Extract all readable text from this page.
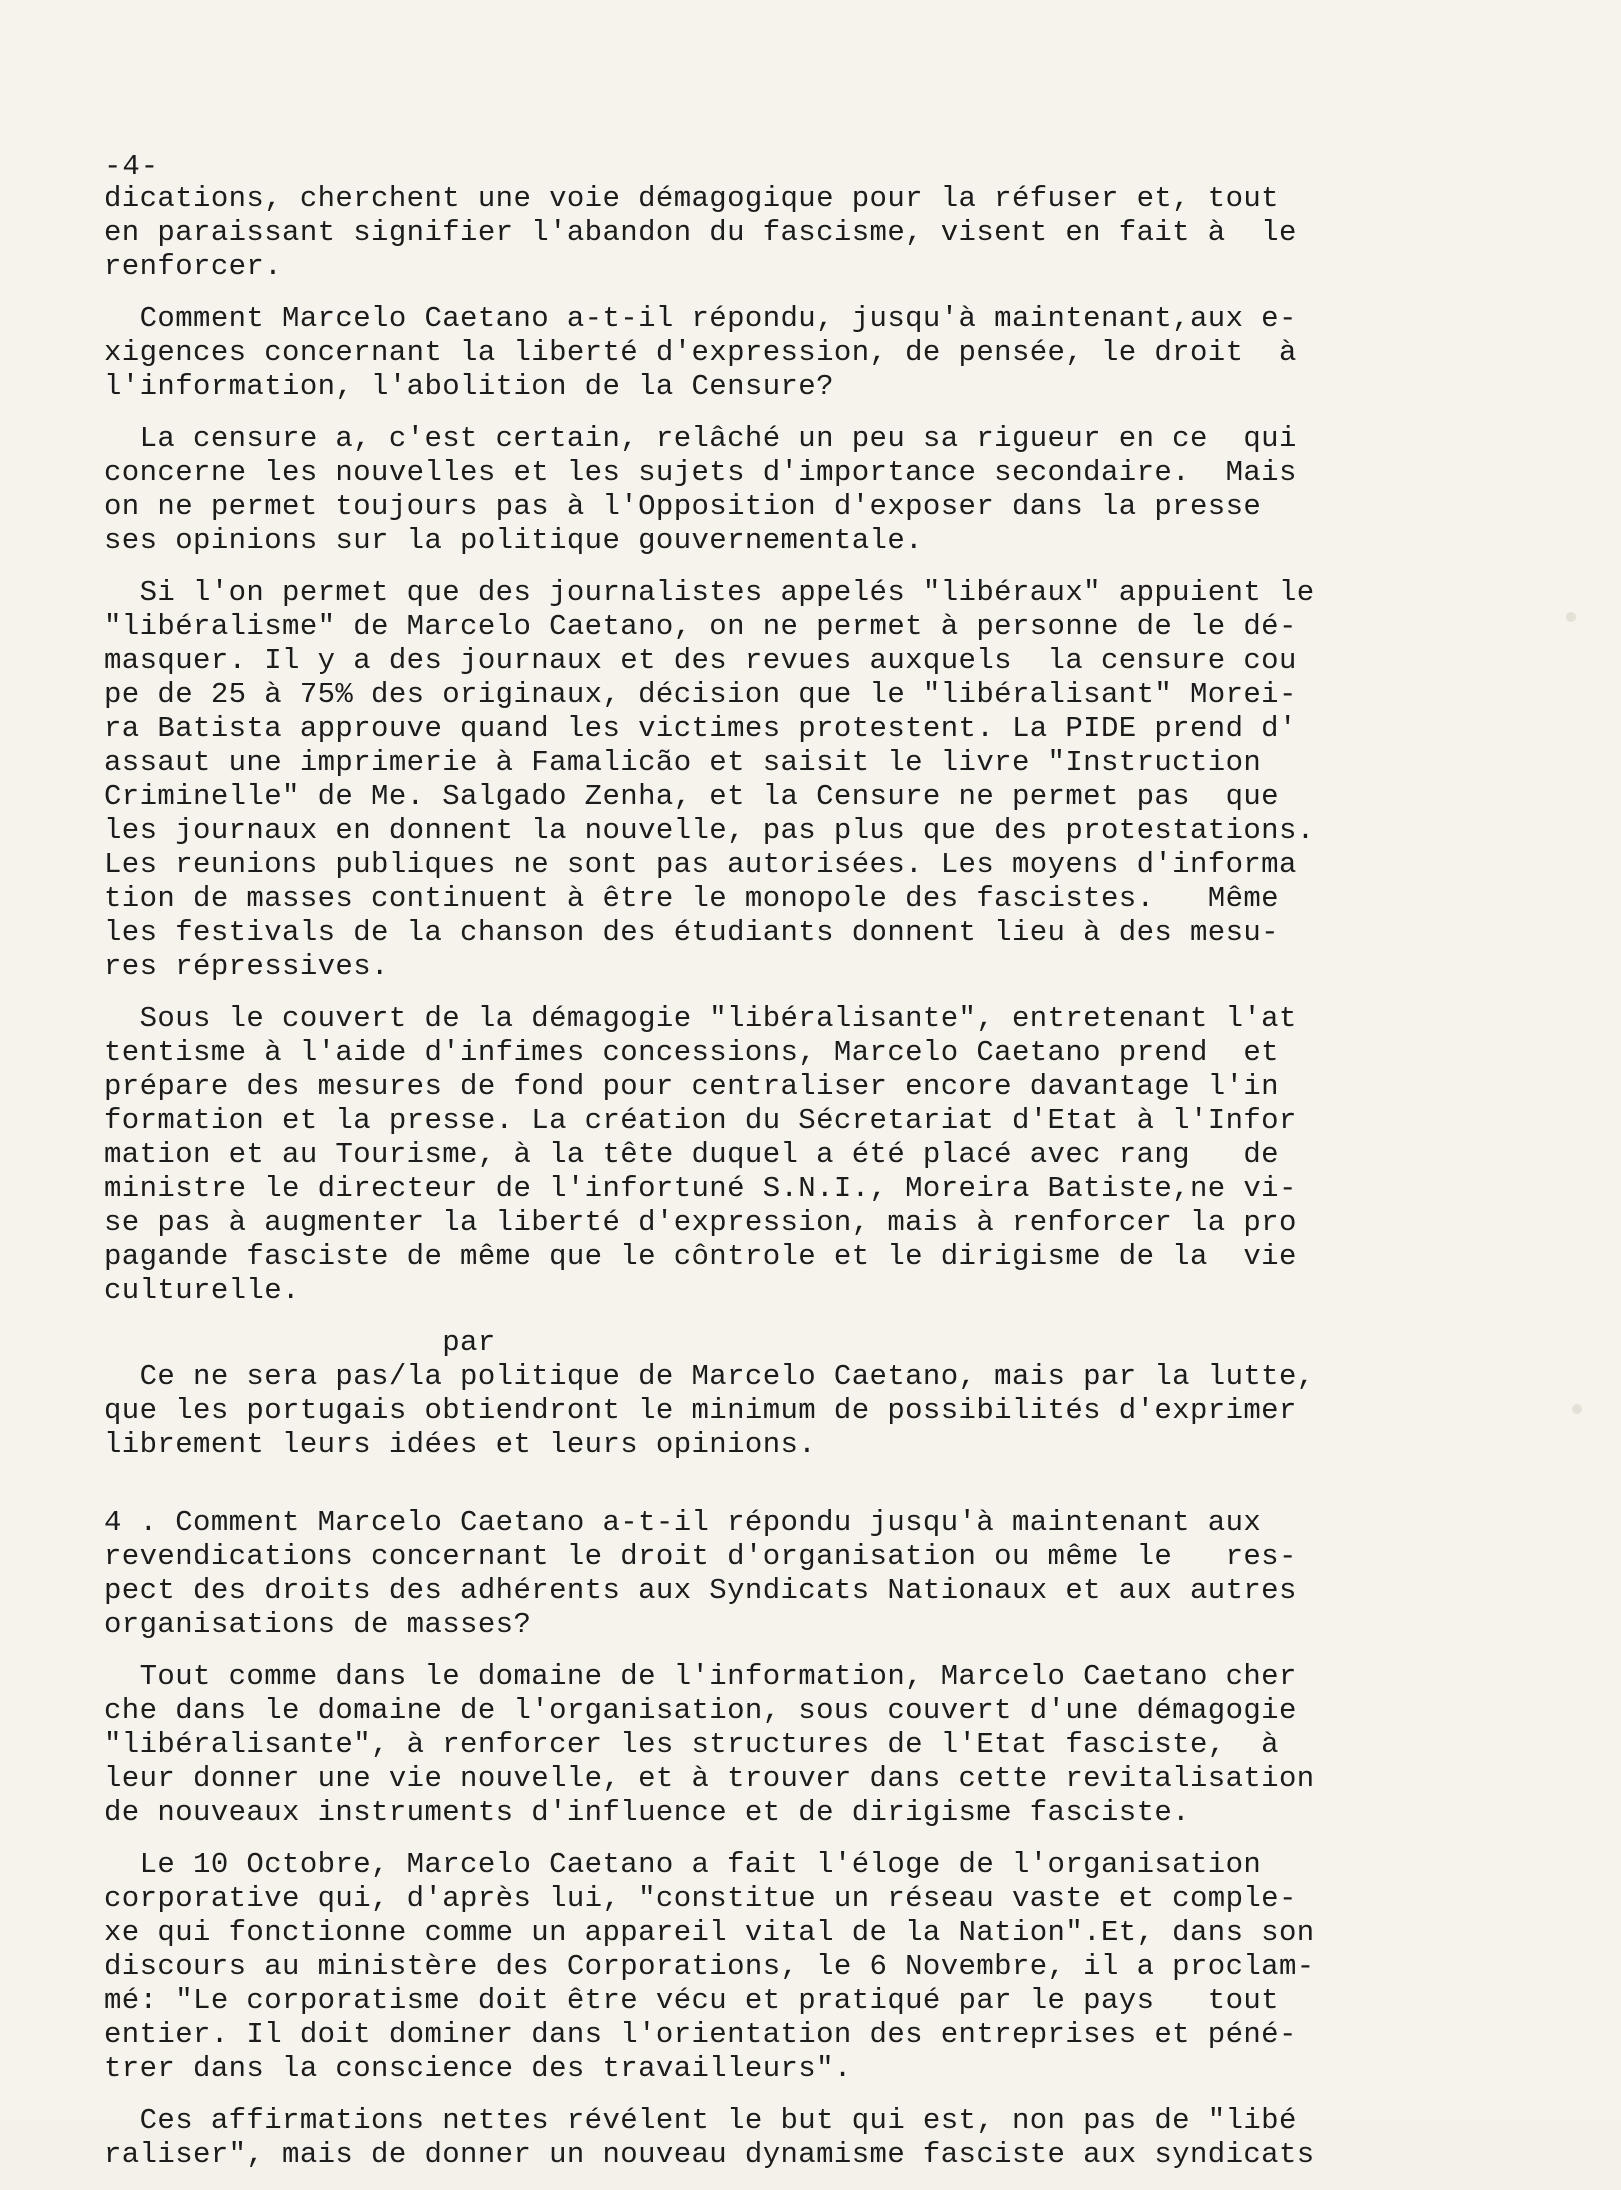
-4-
dications, cherchent une voie démagogique pour la réfuser et, tout
en paraissant signifier l'abandon du fascisme, visent en fait à  le
renforcer.
Comment Marcelo Caetano a-t-il répondu, jusqu'à maintenant,aux e-
xigences concernant la liberté d'expression, de pensée, le droit  à
l'information, l'abolition de la Censure?
La censure a, c'est certain, relâché un peu sa rigueur en ce  qui
concerne les nouvelles et les sujets d'importance secondaire.  Mais
on ne permet toujours pas à l'Opposition d'exposer dans la presse
ses opinions sur la politique gouvernementale.
Si l'on permet que des journalistes appelés "libéraux" appuient le
"libéralisme" de Marcelo Caetano, on ne permet à personne de le dé-
masquer. Il y a des journaux et des revues auxquels  la censure cou
pe de 25 à 75% des originaux, décision que le "libéralisant" Morei-
ra Batista approuve quand les victimes protestent. La PIDE prend d'
assaut une imprimerie à Famalicão et saisit le livre "Instruction
Criminelle" de Me. Salgado Zenha, et la Censure ne permet pas  que
les journaux en donnent la nouvelle, pas plus que des protestations.
Les reunions publiques ne sont pas autorisées. Les moyens d'informa
tion de masses continuent à être le monopole des fascistes.   Même
les festivals de la chanson des étudiants donnent lieu à des mesu-
res répressives.
Sous le couvert de la démagogie "libéralisante", entretenant l'at
tentisme à l'aide d'infimes concessions, Marcelo Caetano prend  et
prépare des mesures de fond pour centraliser encore davantage l'in
formation et la presse. La création du Sécretariat d'Etat à l'Infor
mation et au Tourisme, à la tête duquel a été placé avec rang   de
ministre le directeur de l'infortuné S.N.I., Moreira Batiste,ne vi-
se pas à augmenter la liberté d'expression, mais à renforcer la pro
pagande fasciste de même que le côntrole et le dirigisme de la  vie
culturelle.
par
Ce ne sera pas/la politique de Marcelo Caetano, mais par la lutte,
que les portugais obtiendront le minimum de possibilités d'exprimer
librement leurs idées et leurs opinions.
4 . Comment Marcelo Caetano a-t-il répondu jusqu'à maintenant aux
revendications concernant le droit d'organisation ou même le   res-
pect des droits des adhérents aux Syndicats Nationaux et aux autres
organisations de masses?
Tout comme dans le domaine de l'information, Marcelo Caetano cher
che dans le domaine de l'organisation, sous couvert d'une démagogie
"libéralisante", à renforcer les structures de l'Etat fasciste,  à
leur donner une vie nouvelle, et à trouver dans cette revitalisation
de nouveaux instruments d'influence et de dirigisme fasciste.
Le 10 Octobre, Marcelo Caetano a fait l'éloge de l'organisation
corporative qui, d'après lui, "constitue un réseau vaste et comple-
xe qui fonctionne comme un appareil vital de la Nation".Et, dans son
discours au ministère des Corporations, le 6 Novembre, il a proclam-
mé: "Le corporatisme doit être vécu et pratiqué par le pays   tout
entier. Il doit dominer dans l'orientation des entreprises et péné-
trer dans la conscience des travailleurs".
Ces affirmations nettes révélent le but qui est, non pas de "libé
raliser", mais de donner un nouveau dynamisme fasciste aux syndicats
